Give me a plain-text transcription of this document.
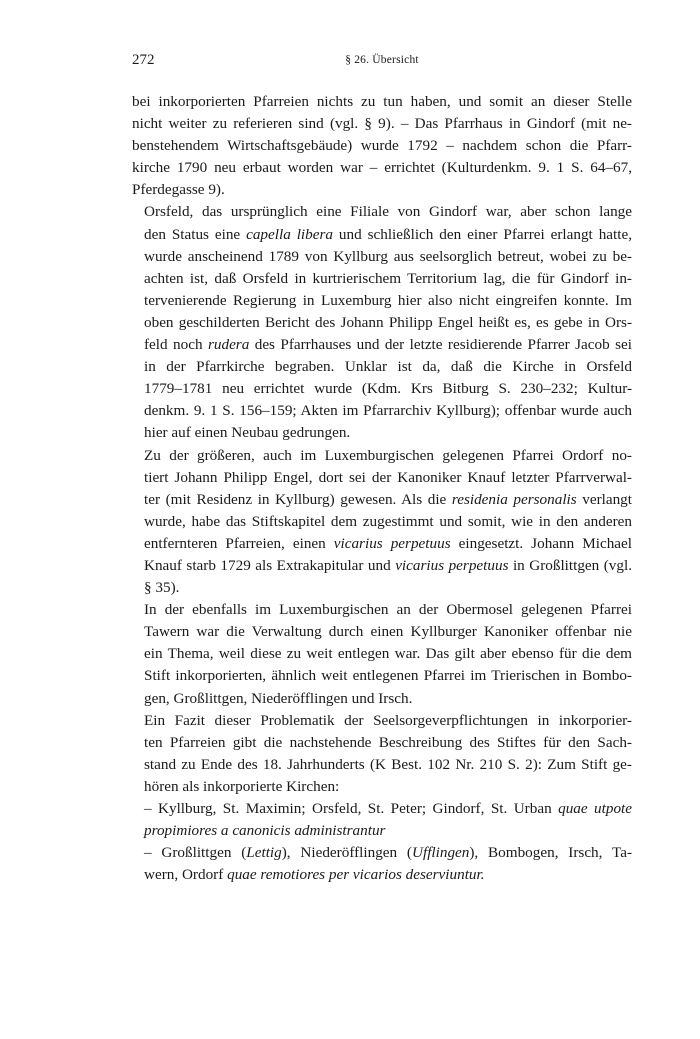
272	§ 26. Übersicht

bei inkorporierten Pfarreien nichts zu tun haben, und somit an dieser Stelle
nicht weiter zu referieren sind (vgl. § 9). – Das Pfarrhaus in Gindorf (mit ne-
benstehendem Wirtschaftsgebäude) wurde 1792 – nachdem schon die Pfarr-
kirche 1790 neu erbaut worden war – errichtet (Kulturdenkm. 9. 1 S. 64–67,
Pferdegasse 9).

Orsfeld, das ursprünglich eine Filiale von Gindorf war, aber schon lange
den Status eine capella libera und schließlich den einer Pfarrei erlangt hatte,
wurde anscheinend 1789 von Kyllburg aus seelsorglich betreut, wobei zu be-
achten ist, daß Orsfeld in kurtrierischem Territorium lag, die für Gindorf in-
tervenierende Regierung in Luxemburg hier also nicht eingreifen konnte. Im
oben geschilderten Bericht des Johann Philipp Engel heißt es, es gebe in Ors-
feld noch rudera des Pfarrhauses und der letzte residierende Pfarrer Jacob sei
in der Pfarrkirche begraben. Unklar ist da, daß die Kirche in Orsfeld
1779–1781 neu errichtet wurde (Kdm. Krs Bitburg S. 230–232; Kultur-
denkm. 9. 1 S. 156–159; Akten im Pfarrarchiv Kyllburg); offenbar wurde auch
hier auf einen Neubau gedrungen.

Zu der größeren, auch im Luxemburgischen gelegenen Pfarrei Ordorf no-
tiert Johann Philipp Engel, dort sei der Kanoniker Knauf letzter Pfarrverwal-
ter (mit Residenz in Kyllburg) gewesen. Als die residenia personalis verlangt
wurde, habe das Stiftskapitel dem zugestimmt und somit, wie in den anderen
entfernteren Pfarreien, einen vicarius perpetuus eingesetzt. Johann Michael
Knauf starb 1729 als Extrakapitular und vicarius perpetuus in Großlittgen (vgl.
§ 35).

In der ebenfalls im Luxemburgischen an der Obermosel gelegenen Pfarrei
Tawern war die Verwaltung durch einen Kyllburger Kanoniker offenbar nie
ein Thema, weil diese zu weit entlegen war. Das gilt aber ebenso für die dem
Stift inkorporierten, ähnlich weit entlegenen Pfarrei im Trierischen in Bombo-
gen, Großlittgen, Niederöfflingen und Irsch.

Ein Fazit dieser Problematik der Seelsorgeverpflichtungen in inkorporier-
ten Pfarreien gibt die nachstehende Beschreibung des Stiftes für den Sach-
stand zu Ende des 18. Jahrhunderts (K Best. 102 Nr. 210 S. 2): Zum Stift ge-
hören als inkorporierte Kirchen:

– Kyllburg, St. Maximin; Orsfeld, St. Peter; Gindorf, St. Urban quae utpote
propimiores a canonicis administrantur

– Großlittgen (Lettig), Niederöfflingen (Ufflingen), Bombogen, Irsch, Ta-
wern, Ordorf quae remotiores per vicarios deserviuntur.
